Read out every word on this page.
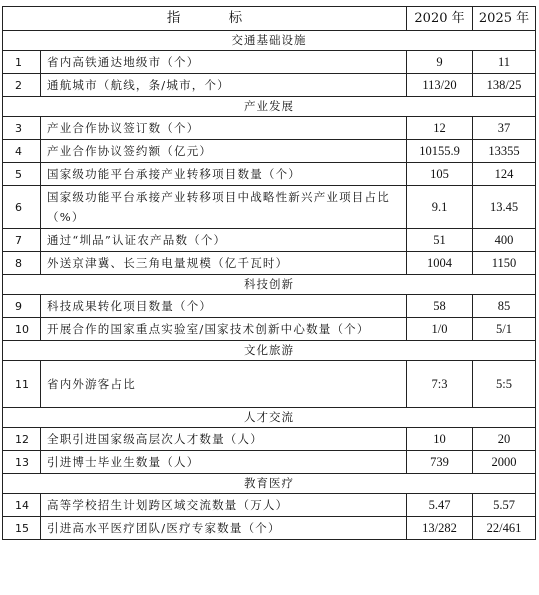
指 标		2020 年	2025 年
交通基础设施			
1	省内高铁通达地级市（个）	9	11
2	通航城市（航线，条/城市，个）	113/20	138/25
产业发展			
3	产业合作协议签订数（个）	12	37
4	产业合作协议签约额（亿元）	10155.9	13355
5	国家级功能平台承接产业转移项目数量（个）	105	124
6	国家级功能平台承接产业转移项目中战略性新兴产业项目占比（%）	9.1	13.45
7	通过“圳品”认证农产品数（个）	51	400
8	外送京津冀、长三角电量规模（亿千瓦时）	1004	1150
科技创新			
9	科技成果转化项目数量（个）	58	85
10	开展合作的国家重点实验室/国家技术创新中心数量（个）	1/0	5/1
文化旅游			
11	省内外游客占比	7:3	5:5
人才交流			
12	全职引进国家级高层次人才数量（人）	10	20
13	引进博士毕业生数量（人）	739	2000
教育医疗			
14	高等学校招生计划跨区域交流数量（万人）	5.47	5.57
15	引进高水平医疗团队/医疗专家数量（个）	13/282	22/461
